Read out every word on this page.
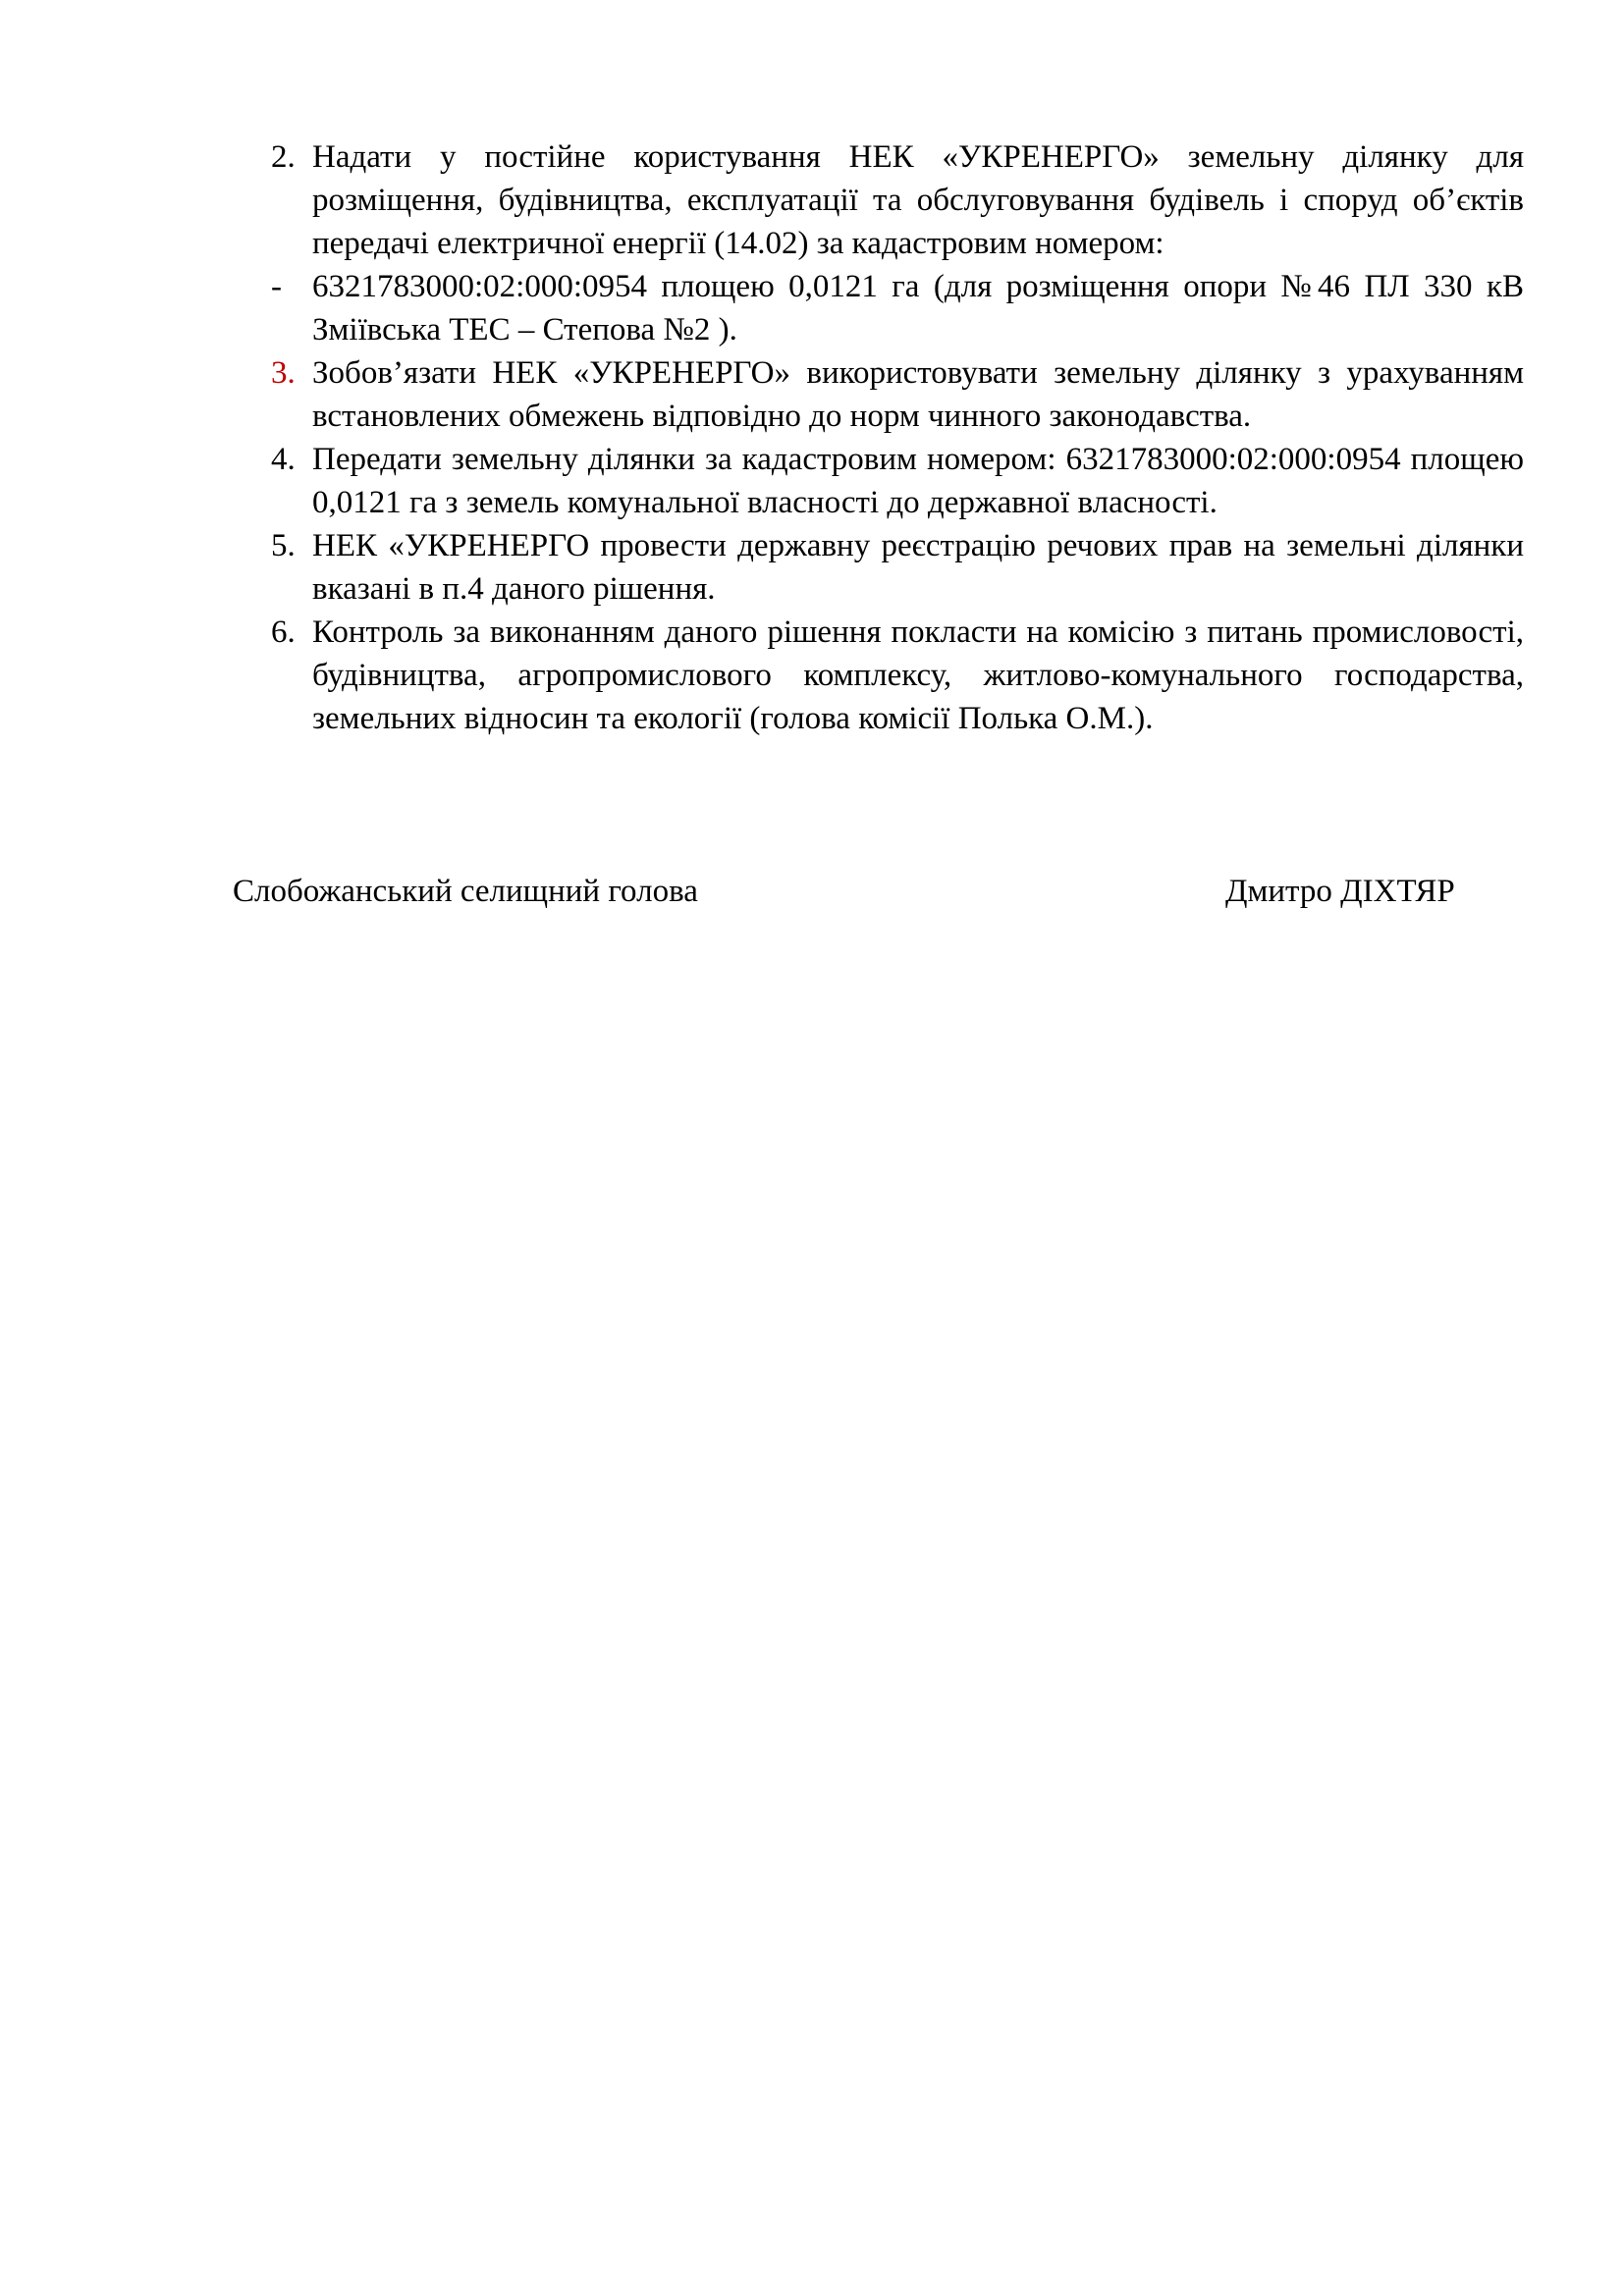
2. Надати у постійне користування НЕК «УКРЕНЕРГО» земельну ділянку для розміщення, будівництва, експлуатації та обслуговування будівель і споруд об’єктів передачі електричної енергії (14.02) за кадастровим номером:
- 6321783000:02:000:0954 площею 0,0121 га (для розміщення опори №46 ПЛ 330 кВ Зміївська ТЕС – Степова №2 ).
3. Зобов’язати НЕК «УКРЕНЕРГО» використовувати земельну ділянку з урахуванням встановлених обмежень відповідно до норм чинного законодавства.
4. Передати земельну ділянки за кадастровим номером: 6321783000:02:000:0954 площею 0,0121 га з земель комунальної власності до державної власності.
5. НЕК «УКРЕНЕРГО провести державну реєстрацію речових прав на земельні ділянки вказані в п.4 даного рішення.
6. Контроль за виконанням даного рішення покласти на комісію з питань промисловості, будівництва, агропромислового комплексу, житлово-комунального господарства, земельних відносин та екології (голова комісії Полька О.М.).
Слобожанський селищний голова	Дмитро ДІХТЯР
